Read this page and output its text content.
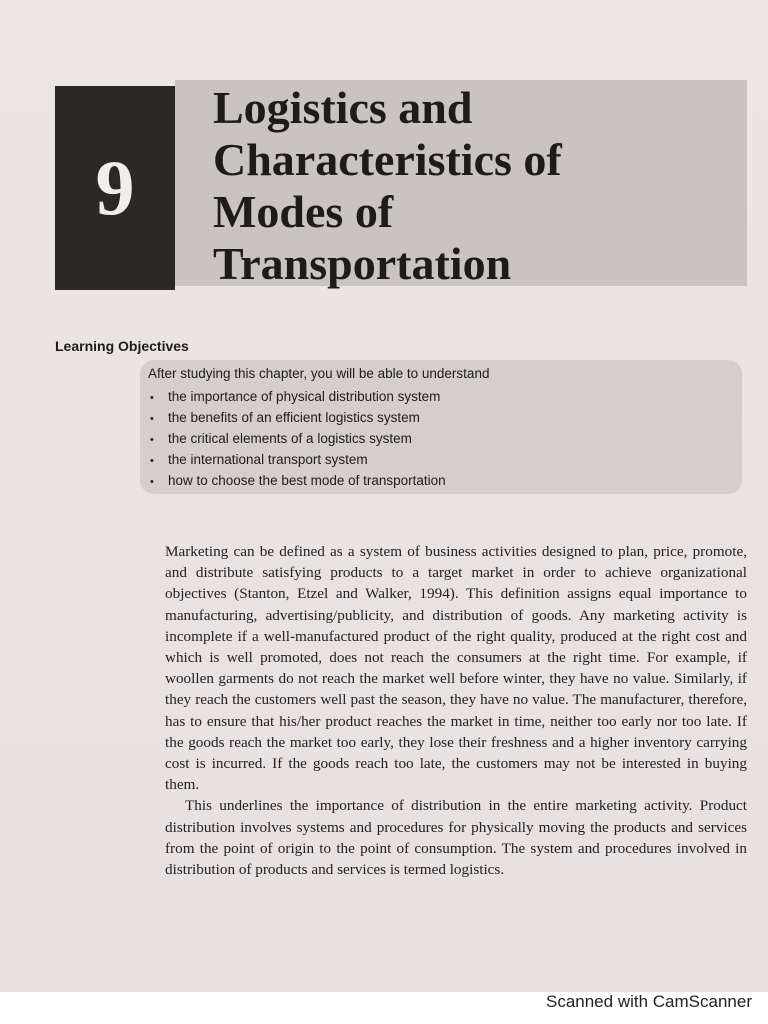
9
Logistics and
Characteristics of
Modes of
Transportation
Learning Objectives
After studying this chapter, you will be able to understand
• the importance of physical distribution system
• the benefits of an efficient logistics system
• the critical elements of a logistics system
• the international transport system
• how to choose the best mode of transportation

Marketing can be defined as a system of business activities designed to plan, price, promote, and distribute satisfying products to a target market in order to achieve organizational objectives (Stanton, Etzel and Walker, 1994). This definition assigns equal importance to manufacturing, advertising/publicity, and distribution of goods. Any marketing activity is incomplete if a well-manufactured product of the right quality, produced at the right cost and which is well promoted, does not reach the consumers at the right time. For example, if woollen garments do not reach the market well before winter, they have no value. Similarly, if they reach the customers well past the season, they have no value. The manufacturer, therefore, has to ensure that his/her product reaches the market in time, neither too early nor too late. If the goods reach the market too early, they lose their freshness and a higher inventory carrying cost is incurred. If the goods reach too late, the customers may not be interested in buying them.

This underlines the importance of distribution in the entire marketing activity. Product distribution involves systems and procedures for physically moving the products and services from the point of origin to the point of consumption. The system and procedures involved in distribution of products and services is termed logistics.

Scanned with CamScanner
